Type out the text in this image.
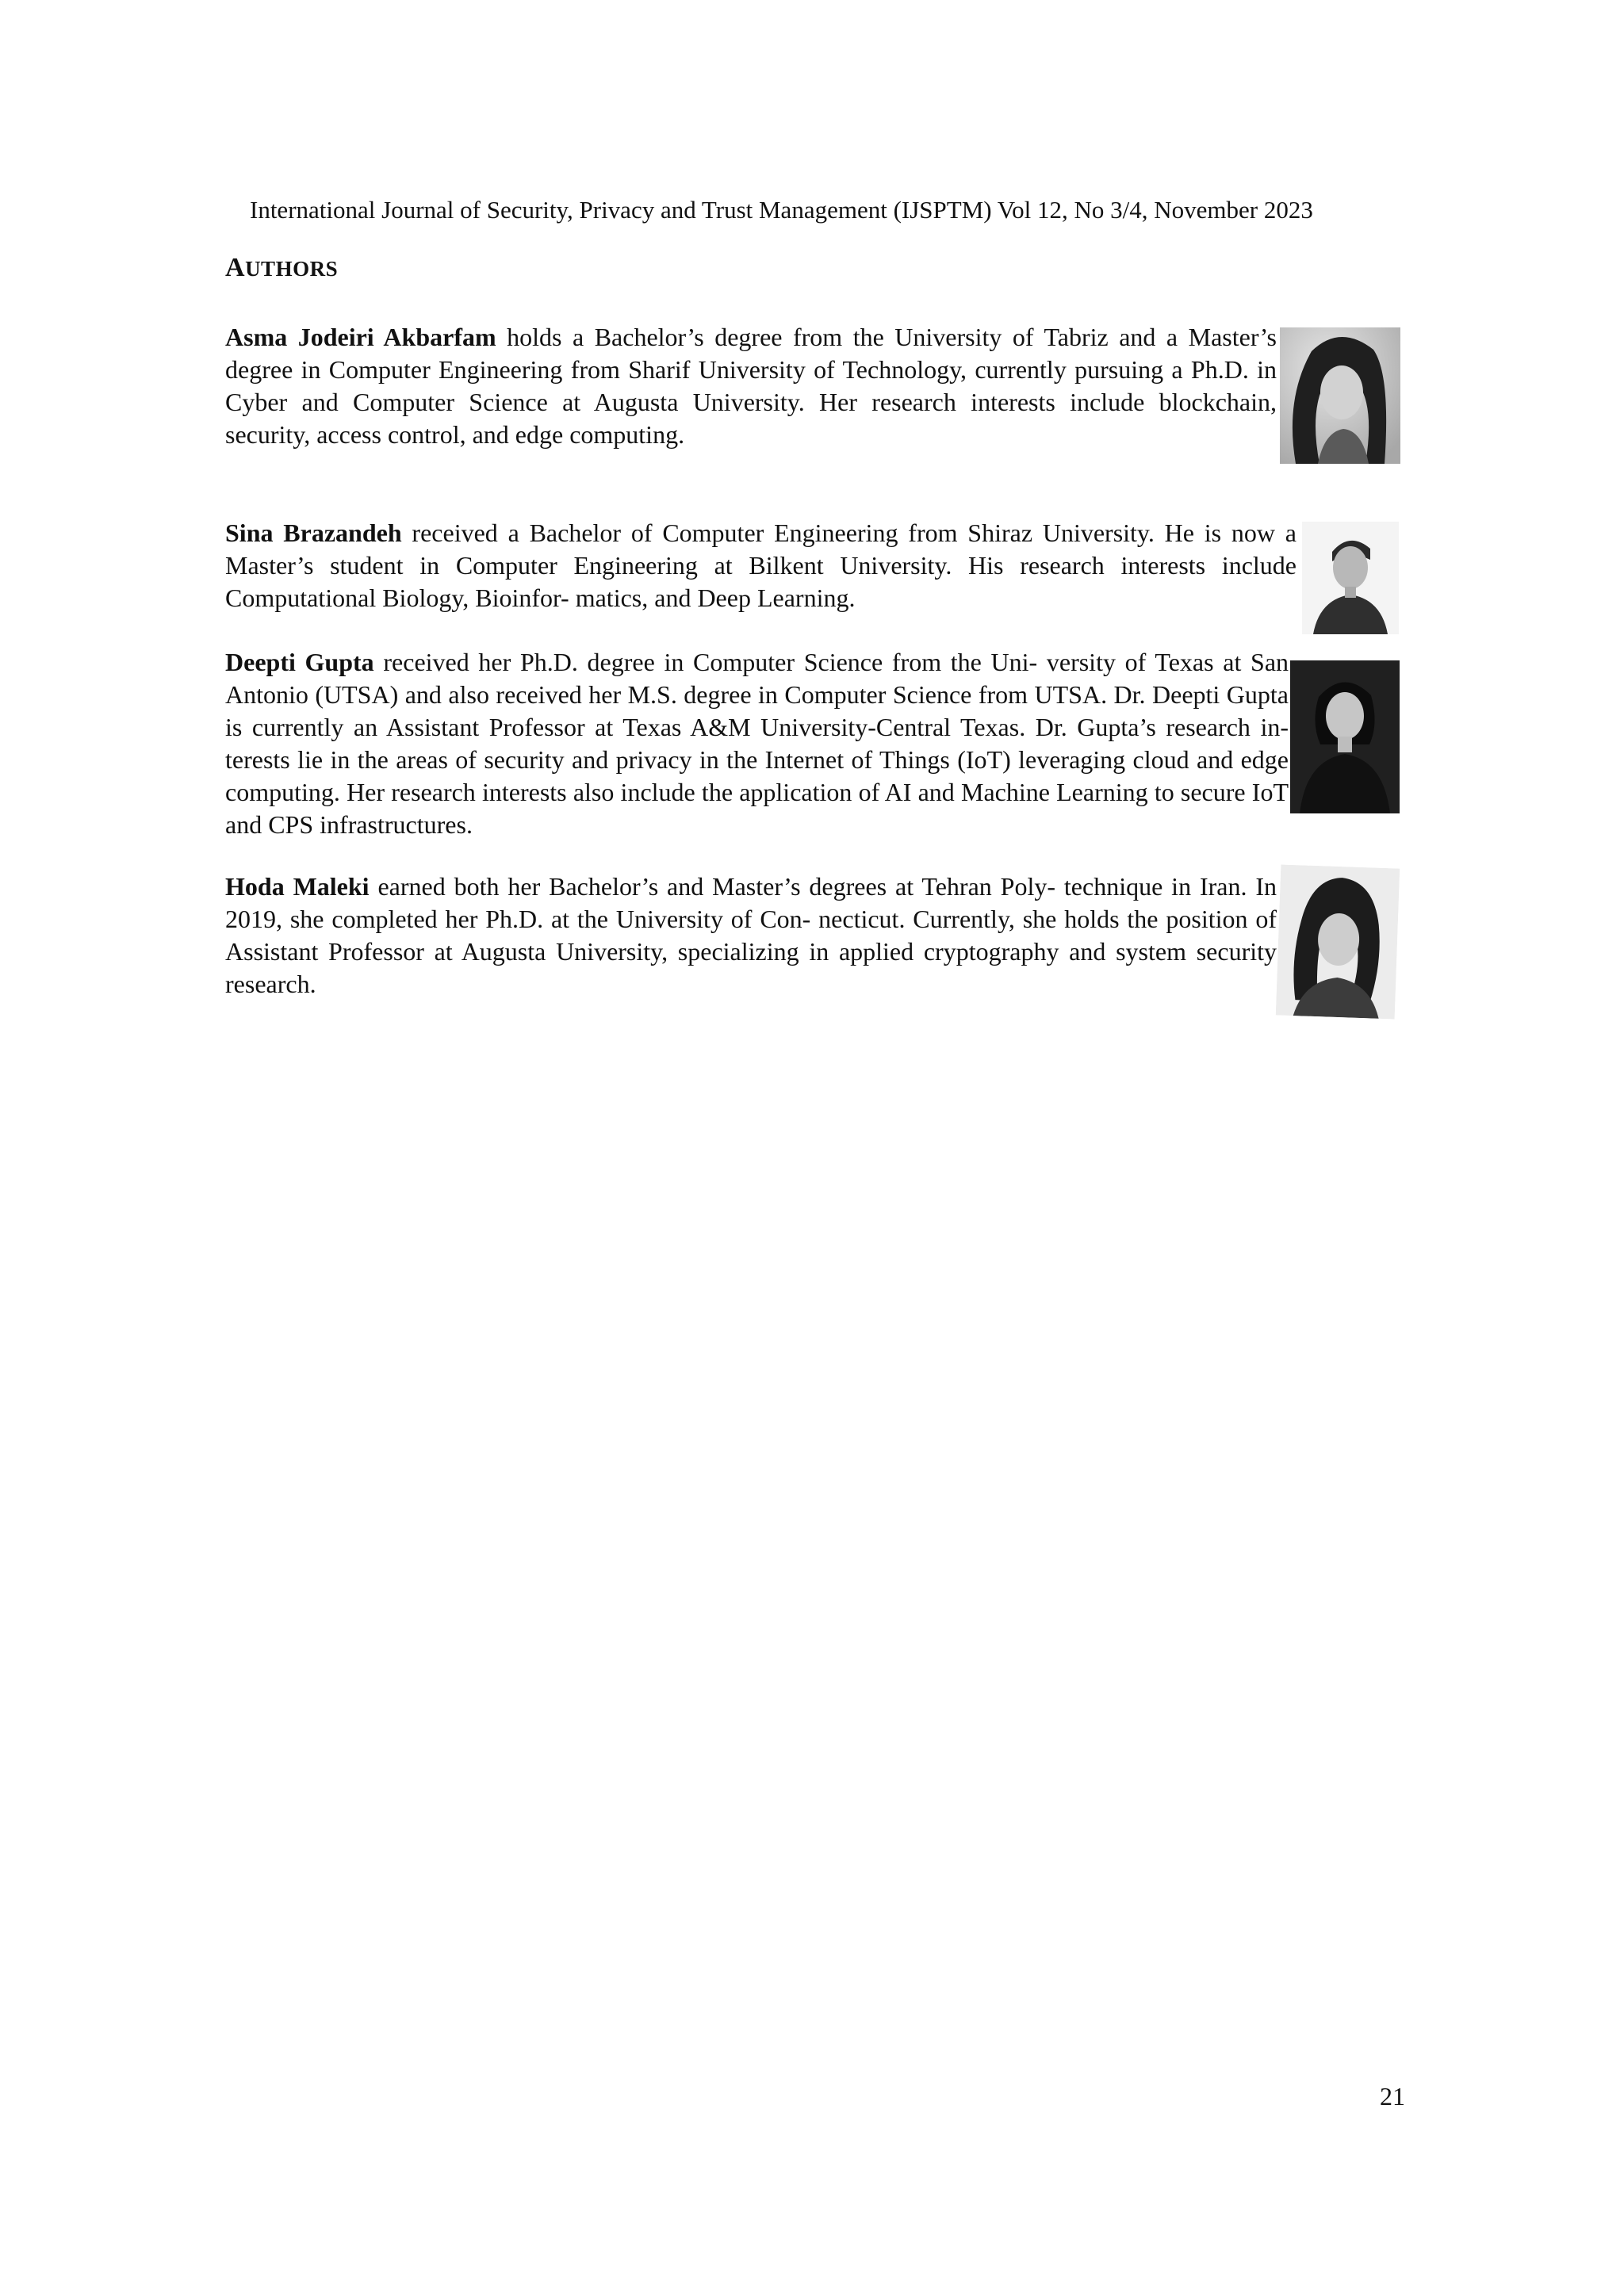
International Journal of Security, Privacy and Trust Management (IJSPTM) Vol 12, No 3/4, November 2023
AUTHORS

Asma Jodeiri Akbarfam holds a Bachelor’s degree from the University of Tabriz and a Master’s degree in Computer Engineering from Sharif University of Technology, currently pursuing a Ph.D. in Cyber and Computer Science at Augusta University. Her research interests include blockchain, security, access control, and edge computing.

Sina Brazandeh received a Bachelor of Computer Engineering from Shiraz University. He is now a Master’s student in Computer Engineering at Bilkent University. His research interests include Computational Biology, Bioinfor- matics, and Deep Learning.

Deepti Gupta received her Ph.D. degree in Computer Science from the Uni- versity of Texas at San Antonio (UTSA) and also received her M.S. degree in Computer Science from UTSA. Dr. Deepti Gupta is currently an Assistant Professor at Texas A&M University-Central Texas. Dr. Gupta’s research in- terests lie in the areas of security and privacy in the Internet of Things (IoT) leveraging cloud and edge computing. Her research interests also include the application of AI and Machine Learning to secure IoT and CPS infrastructures.

Hoda Maleki earned both her Bachelor’s and Master’s degrees at Tehran Poly- technique in Iran. In 2019, she completed her Ph.D. at the University of Con- necticut. Currently, she holds the position of Assistant Professor at Augusta University, specializing in applied cryptography and system security research.

21
